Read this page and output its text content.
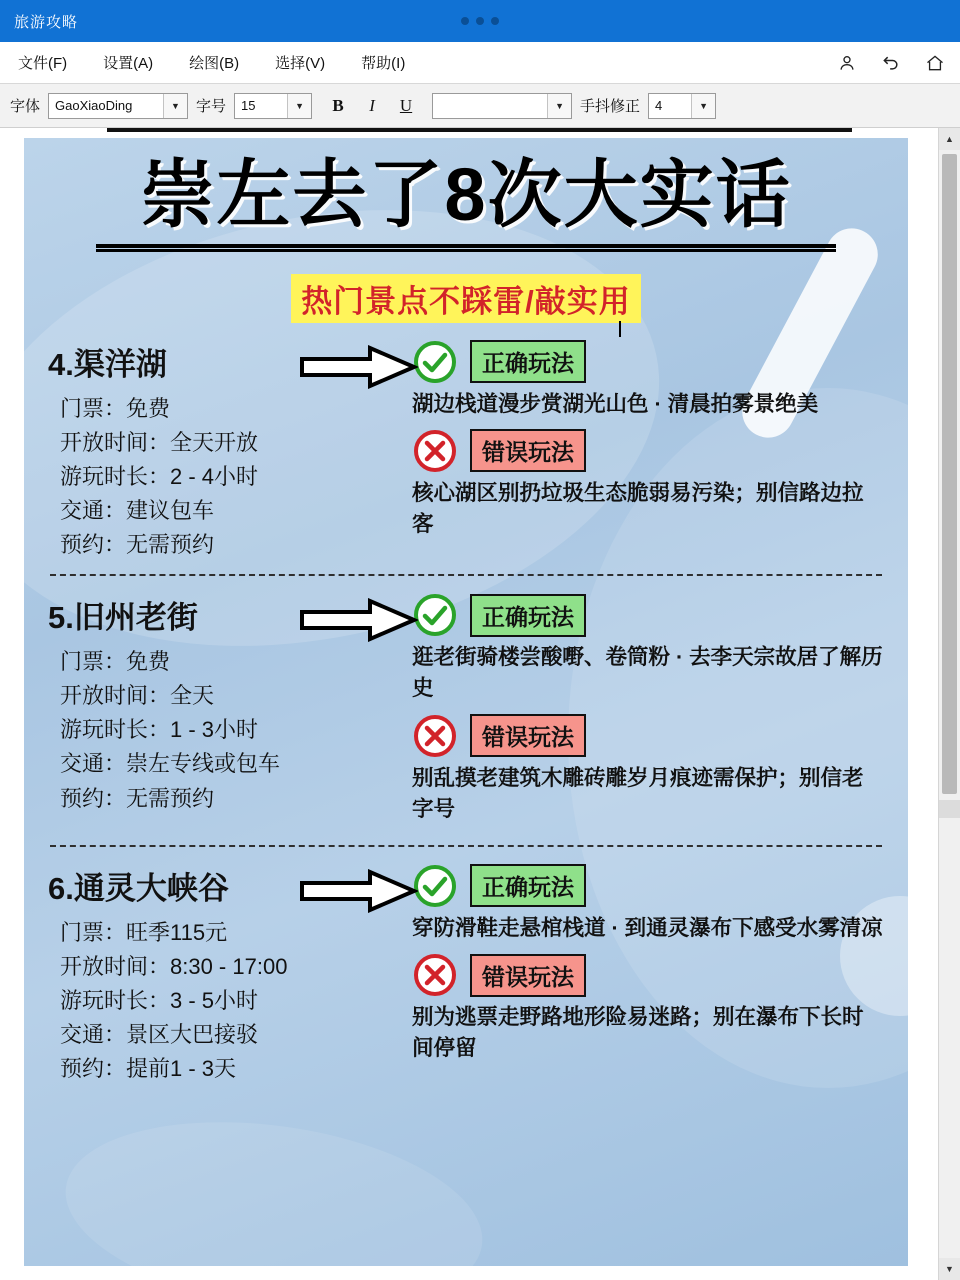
旅游攻略
文件(F)	设置(A)	绘图(B)	选择(V)	帮助(I)
字体	GaoXiaoDing	▼	字号	15	▼	B	I	U	▼	手抖修正	4	▼
崇左去了8次大实话
热门景点不踩雷/敲实用
4.渠洋湖
门票：免费
开放时间：全天开放
游玩时长：2 - 4小时
交通：建议包车
预约：无需预约
正确玩法
湖边栈道漫步赏湖光山色 · 清晨拍雾景绝美
错误玩法
核心湖区别扔垃圾生态脆弱易污染；别信路边拉客
5.旧州老街
门票：免费
开放时间：全天
游玩时长：1 - 3小时
交通：崇左专线或包车
预约：无需预约
正确玩法
逛老街骑楼尝酸嘢、卷筒粉 · 去李天宗故居了解历史
错误玩法
别乱摸老建筑木雕砖雕岁月痕迹需保护；别信老字号
6.通灵大峡谷
门票：旺季115元
开放时间：8:30 - 17:00
游玩时长：3 - 5小时
交通：景区大巴接驳
预约：提前1 - 3天
正确玩法
穿防滑鞋走悬棺栈道 · 到通灵瀑布下感受水雾清凉
错误玩法
别为逃票走野路地形险易迷路；别在瀑布下长时间停留
▲
▼
